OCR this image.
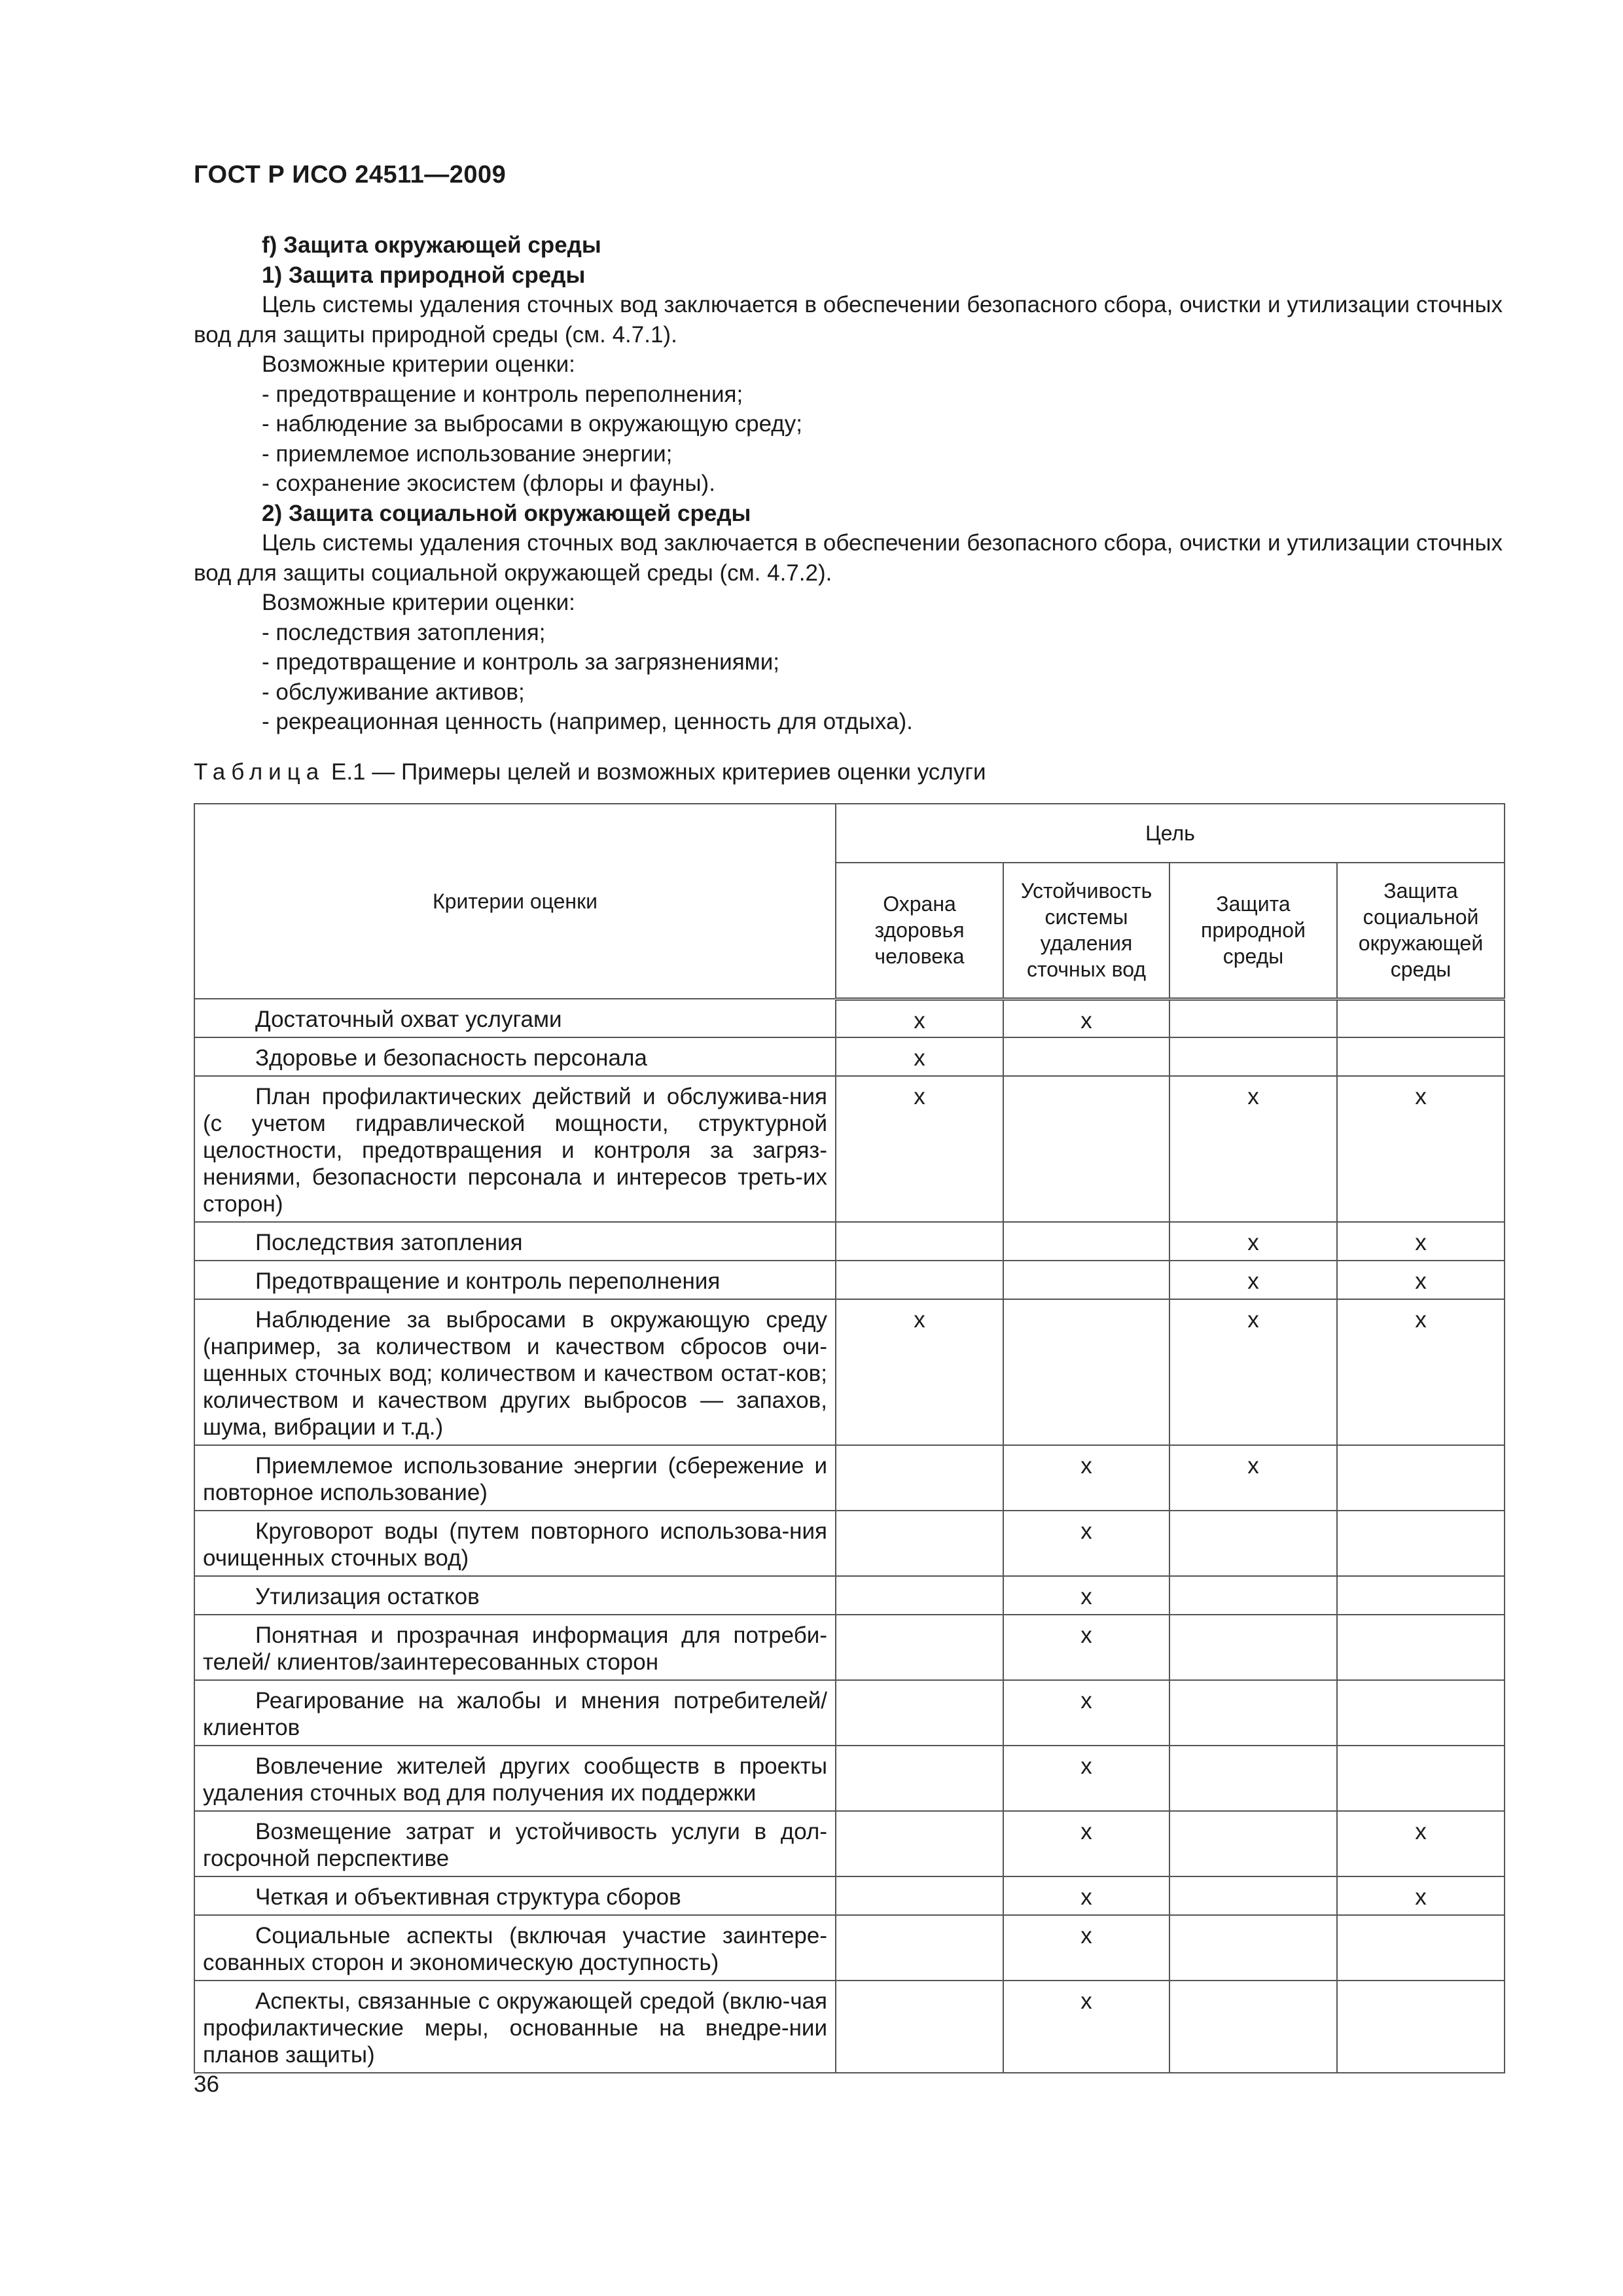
ГОСТ Р ИСО 24511—2009

f) Защита окружающей среды

1) Защита природной среды

Цель системы удаления сточных вод заключается в обеспечении безопасного сбора, очистки и утилизации сточных вод для защиты природной среды (см. 4.7.1).

Возможные критерии оценки:

- предотвращение и контроль переполнения;

- наблюдение за выбросами в окружающую среду;

- приемлемое использование энергии;

- сохранение экосистем (флоры и фауны).

2) Защита социальной окружающей среды

Цель системы удаления сточных вод заключается в обеспечении безопасного сбора, очистки и утилизации сточных вод для защиты социальной окружающей среды (см. 4.7.2).

Возможные критерии оценки:

- последствия затопления;

- предотвращение и контроль за загрязнениями;

- обслуживание активов;

- рекреационная ценность (например, ценность для отдыха).

Таблица Е.1 — Примеры целей и возможных критериев оценки услуги
Критерии оценки	Цель			
	Охрана здоровья человека	Устойчивость системы удаления сточных вод	Защита природной среды	Защита социальной окружающей среды

Достаточный охват услугами	x	x		

Здоровье и безопасность персонала	x			

План профилактических действий и обслужива-ния (с учетом гидравлической мощности, структурной целостности, предотвращения и контроля за загряз-нениями, безопасности персонала и интересов треть-их сторон)	x		x	x

Последствия затопления			x	x

Предотвращение и контроль переполнения			x	x

Наблюдение за выбросами в окружающую среду (например, за количеством и качеством сбросов очи-щенных сточных вод; количеством и качеством остат-ков; количеством и качеством других выбросов — запахов, шума, вибрации и т.д.)	x		x	x

Приемлемое использование энергии (сбережение и повторное использование)		x	x	

Круговорот воды (путем повторного использова-ния очищенных сточных вод)		x		

Утилизация остатков		x		

Понятная и прозрачная информация для потреби-телей/ клиентов/заинтересованных сторон		x		

Реагирование на жалобы и мнения потребителей/ клиентов		x		

Вовлечение жителей других сообществ в проекты удаления сточных вод для получения их поддержки		x		

Возмещение затрат и устойчивость услуги в дол-госрочной перспективе		x		x

Четкая и объективная структура сборов		x		x

Социальные аспекты (включая участие заинтере-сованных сторон и экономическую доступность)		x		

Аспекты, связанные с окружающей средой (вклю-чая профилактические меры, основанные на внедре-нии планов защиты)		x		
36
